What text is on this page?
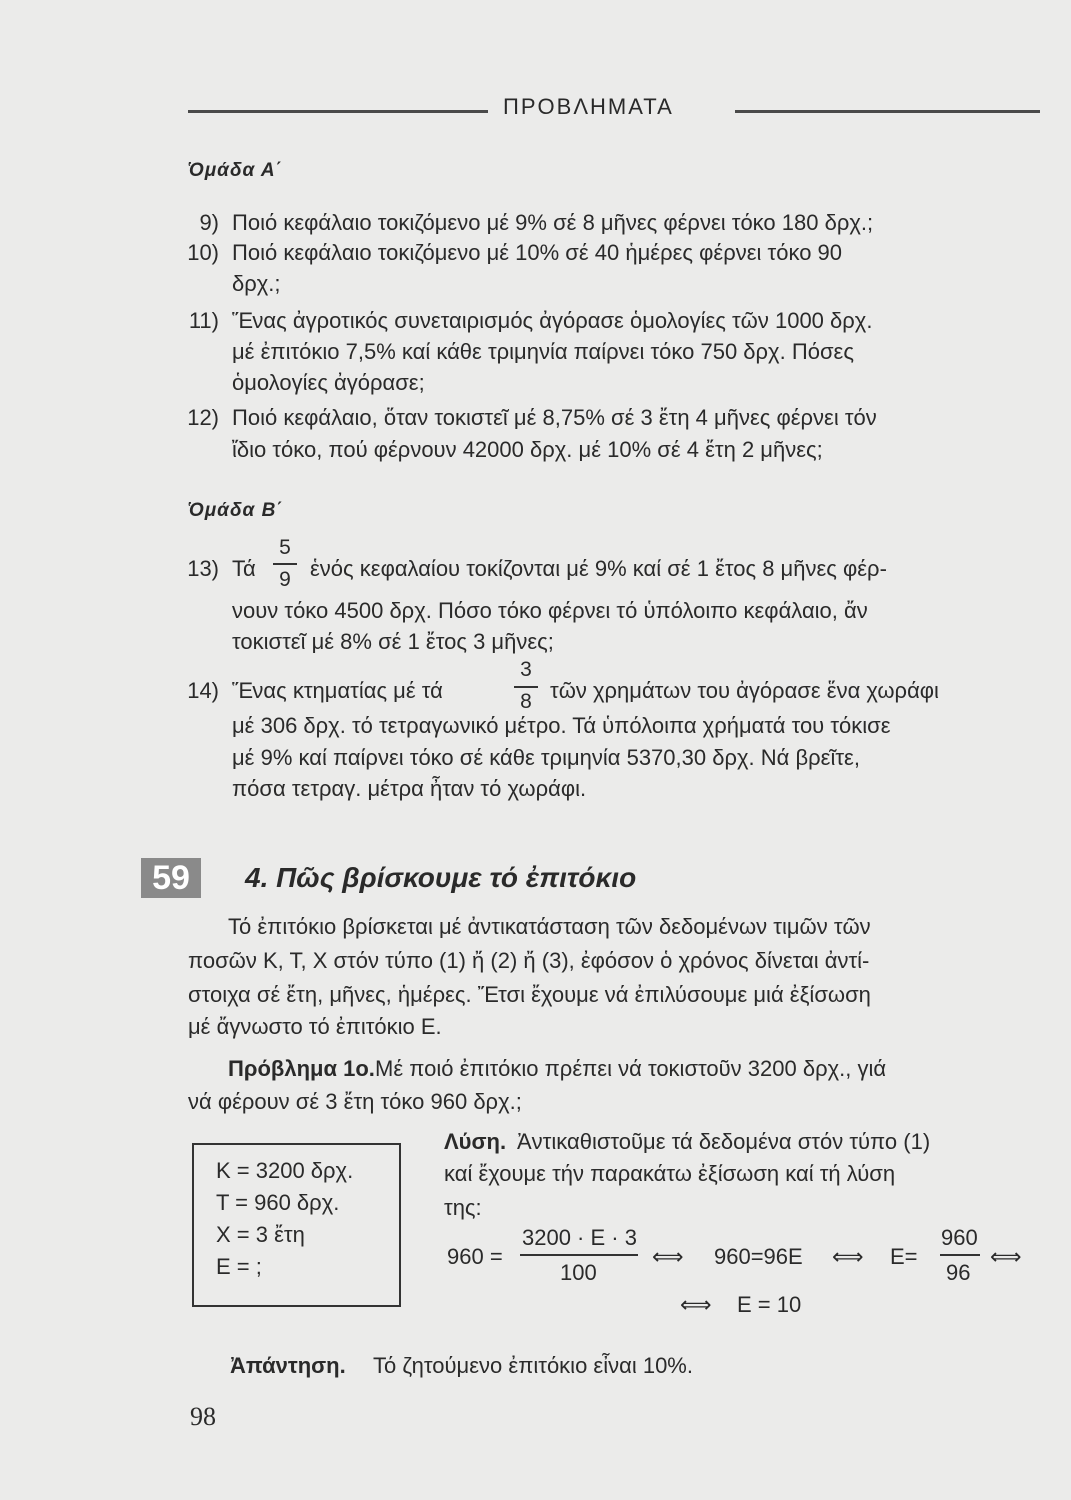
ΠΡΟΒΛΗΜΑΤΑ
Ὁμάδα Α΄
9) Ποιό κεφάλαιο τοκιζόμενο μέ 9% σέ 8 μῆνες φέρνει τόκο 180 δρχ.;
10) Ποιό κεφάλαιο τοκιζόμενο μέ 10% σέ 40 ἡμέρες φέρνει τόκο 90
δρχ.;
11) Ἕνας ἀγροτικός συνεταιρισμός ἀγόρασε ὁμολογίες τῶν 1000 δρχ.
μέ ἐπιτόκιο 7,5% καί κάθε τριμηνία παίρνει τόκο 750 δρχ. Πόσες
ὁμολογίες ἀγόρασε;
12) Ποιό κεφάλαιο, ὅταν τοκιστεῖ μέ 8,75% σέ 3 ἔτη 4 μῆνες φέρνει τόν
ἴδιο τόκο, πού φέρνουν 42000 δρχ. μέ 10% σέ 4 ἔτη 2 μῆνες;
Ὁμάδα Β΄
13) Τά
5
9 ἑνός κεφαλαίου τοκίζονται μέ 9% καί σέ 1 ἔτος 8 μῆνες φέρ-
νουν τόκο 4500 δρχ. Πόσο τόκο φέρνει τό ὑπόλοιπο κεφάλαιο, ἄν
τοκιστεῖ μέ 8% σέ 1 ἔτος 3 μῆνες;
14) Ἕνας κτηματίας μέ τά
3
8 τῶν χρημάτων του ἀγόρασε ἕνα χωράφι
μέ 306 δρχ. τό τετραγωνικό μέτρο. Τά ὑπόλοιπα χρήματά του τόκισε
μέ 9% καί παίρνει τόκο σέ κάθε τριμηνία 5370,30 δρχ. Νά βρεῖτε,
πόσα τετραγ. μέτρα ἦταν τό χωράφι.
59	4. Πῶς βρίσκουμε τό ἐπιτόκιο
Τό ἐπιτόκιο βρίσκεται μέ ἀντικατάσταση τῶν δεδομένων τιμῶν τῶν
ποσῶν Κ, Τ, Χ στόν τύπο (1) ἤ (2) ἤ (3), ἐφόσον ὁ χρόνος δίνεται ἀντί-
στοιχα σέ ἔτη, μῆνες, ἡμέρες. Ἔτσι ἔχουμε νά ἐπιλύσουμε μιά ἐξίσωση
μέ ἄγνωστο τό ἐπιτόκιο Ε.
Πρόβλημα 1ο. Μέ ποιό ἐπιτόκιο πρέπει νά τοκιστοῦν 3200 δρχ., γιά
νά φέρουν σέ 3 ἔτη τόκο 960 δρχ.;
Κ = 3200 δρχ.
Τ = 960 δρχ.
Χ = 3 ἔτη
Ε = ;
Λύση. Ἀντικαθιστοῦμε τά δεδομένα στόν τύπο (1)
καί ἔχουμε τήν παρακάτω ἐξίσωση καί τή λύση
της:
960 =
3200 · Ε · 3
100
⟺ 960=96Ε ⟺ Ε=
960
96
⟺
⟺ Ε = 10
Ἀπάντηση. Τό ζητούμενο ἐπιτόκιο εἶναι 10%.
98
